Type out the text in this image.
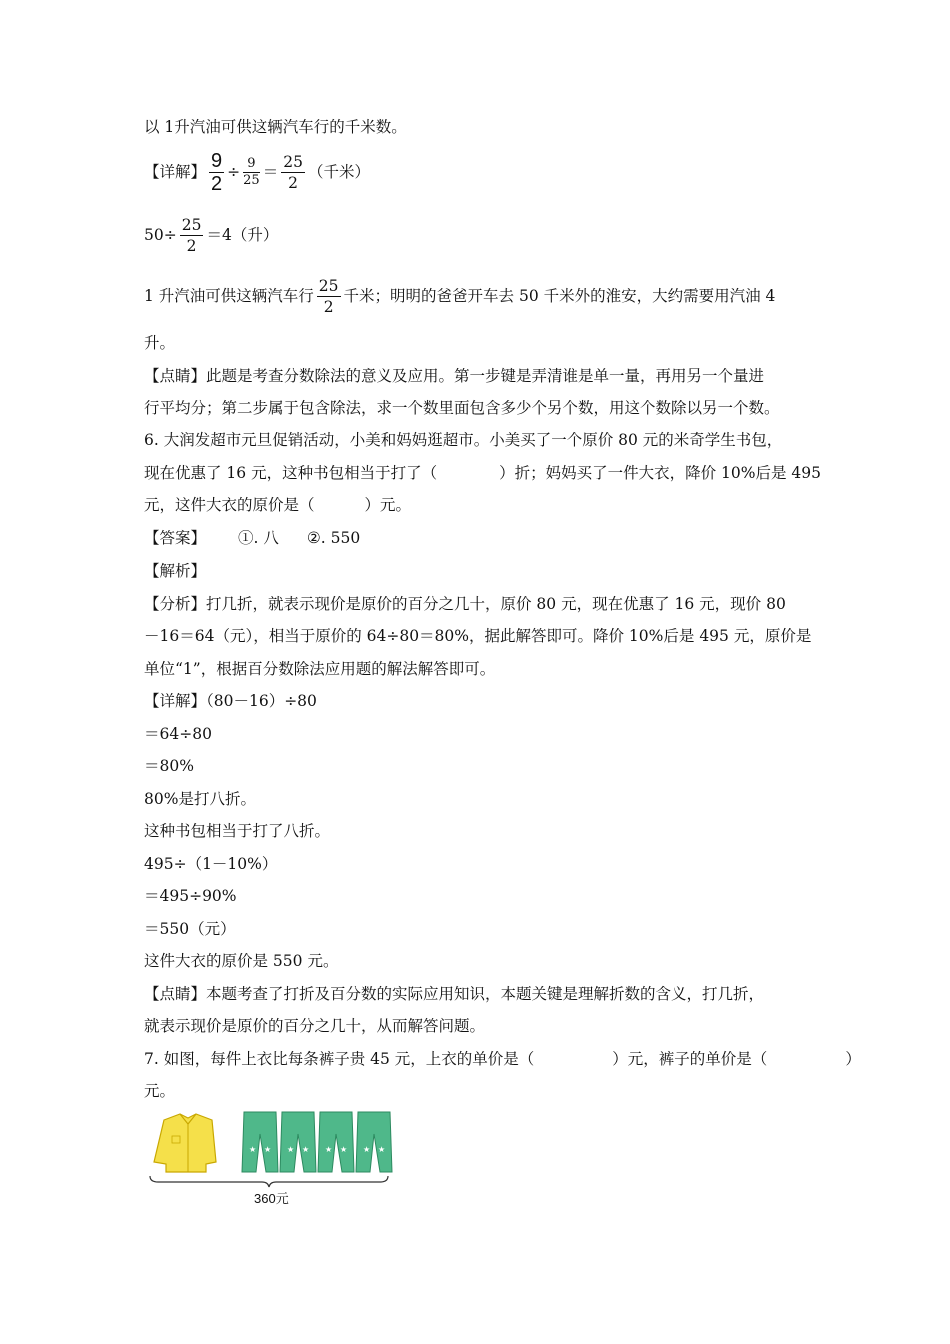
以 1升汽油可供这辆汽车行的千米数。
【详解】 $\frac{9}{2} \div \frac{9}{25} = \frac{25}{2}$ （千米）
$50\div \frac{25}{2} =4$（升）
1 升汽油可供这辆汽车行 $\frac{25}{2}$ 千米；明明的爸爸开车去 50 千米外的淮安，大约需要用汽油 4
升。
【点睛】此题是考查分数除法的意义及应用。第一步键是弄清谁是单一量，再用另一个量进
行平均分；第二步属于包含除法，求一个数里面包含多少个另个数，用这个数除以另一个数。
6. 大润发超市元旦促销活动，小美和妈妈逛超市。小美买了一个原价 80 元的米奇学生书包，
现在优惠了 16 元，这种书包相当于打了（	）折；妈妈买了一件大衣，降价 10%后是 495
元，这件大衣的原价是（	）元。
【答案】 ①. 八 ②. 550
【解析】
【分析】打几折，就表示现价是原价的百分之几十，原价 80 元，现在优惠了 16 元，现价 80
－16＝64（元），相当于原价的 64÷80＝80%，据此解答即可。降价 10%后是 495 元，原价是
单位“1”，根据百分数除法应用题的解法解答即可。
【详解】（80－16）÷80
＝64÷80
＝80%
80%是打八折。
这种书包相当于打了八折。
495÷（1－10%）
＝495÷90%
＝550（元）
这件大衣的原价是 550 元。
【点睛】本题考查了打折及百分数的实际应用知识，本题关键是理解折数的含义，打几折，
就表示现价是原价的百分之几十，从而解答问题。
7. 如图，每件上衣比每条裤子贵 45 元，上衣的单价是（	）元，裤子的单价是（	）
元。
★ ★ ★ ★ ★ ★ ★ ★
360元
